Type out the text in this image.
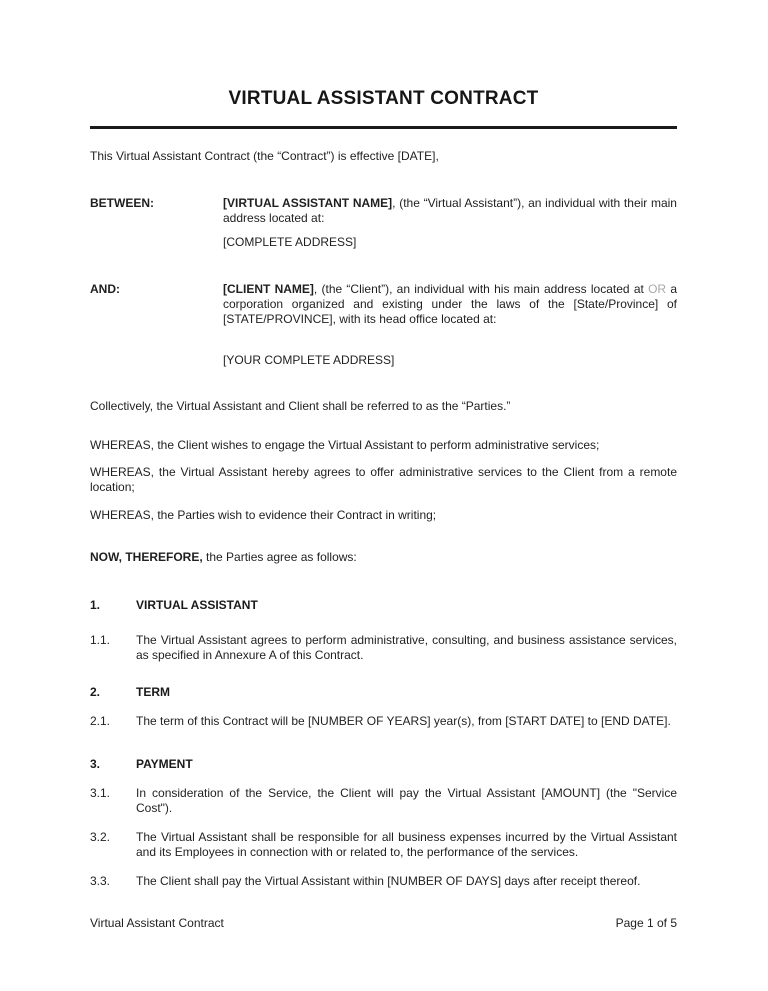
VIRTUAL ASSISTANT CONTRACT

This Virtual Assistant Contract (the “Contract”) is effective [DATE],

BETWEEN:	[VIRTUAL ASSISTANT NAME], (the “Virtual Assistant”), an individual with their main address located at:
[COMPLETE ADDRESS]
AND:	[CLIENT NAME], (the “Client”), an individual with his main address located at OR a corporation organized and existing under the laws of the [State/Province] of [STATE/PROVINCE], with its head office located at:
[YOUR COMPLETE ADDRESS]

Collectively, the Virtual Assistant and Client shall be referred to as the “Parties.”

WHEREAS, the Client wishes to engage the Virtual Assistant to perform administrative services;

WHEREAS, the Virtual Assistant hereby agrees to offer administrative services to the Client from a remote location;

WHEREAS, the Parties wish to evidence their Contract in writing;

NOW, THEREFORE, the Parties agree as follows:

1.	VIRTUAL ASSISTANT
1.1.	The Virtual Assistant agrees to perform administrative, consulting, and business assistance services, as specified in Annexure A of this Contract.
2.	TERM
2.1.	The term of this Contract will be [NUMBER OF YEARS] year(s), from [START DATE] to [END DATE].
3.	PAYMENT
3.1.	In consideration of the Service, the Client will pay the Virtual Assistant [AMOUNT] (the "Service Cost").
3.2.	The Virtual Assistant shall be responsible for all business expenses incurred by the Virtual Assistant and its Employees in connection with or related to, the performance of the services.
3.3.	The Client shall pay the Virtual Assistant within [NUMBER OF DAYS] days after receipt thereof.
Virtual Assistant Contract	Page 1 of 5
